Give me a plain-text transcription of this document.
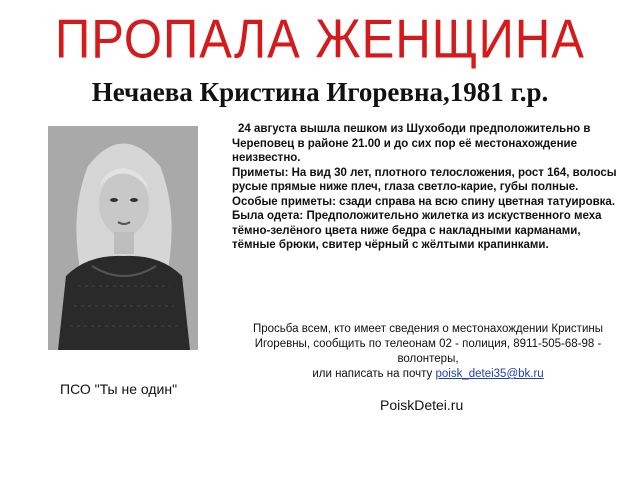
ПРОПАЛА ЖЕНЩИНА
Нечаева Кристина Игоревна,1981 г.р.

24 августа вышла пешком из Шухободи предположительно в Череповец в районе 21.00 и до сих пор её местонахождение неизвестно.

Приметы: На вид 30 лет, плотного телосложения, рост 164, волосы русые прямые ниже плеч, глаза светло-карие, губы полные.

Особые приметы: сзади справа на всю спину цветная татуировка.

Была одета: Предположительно жилетка из искуственного меха тёмно-зелёного цвета ниже бедра с накладными карманами, тёмные брюки, свитер чёрный с жёлтыми крапинками.

Просьба всем, кто имеет сведения о местонахождении Кристины Игоревны, сообщить по телеонам 02 - полиция, 8911-505-68-98 - волонтеры,

или написать на почту poisk_detei35@bk.ru

ПСО "Ты не один"
PoiskDetei.ru
